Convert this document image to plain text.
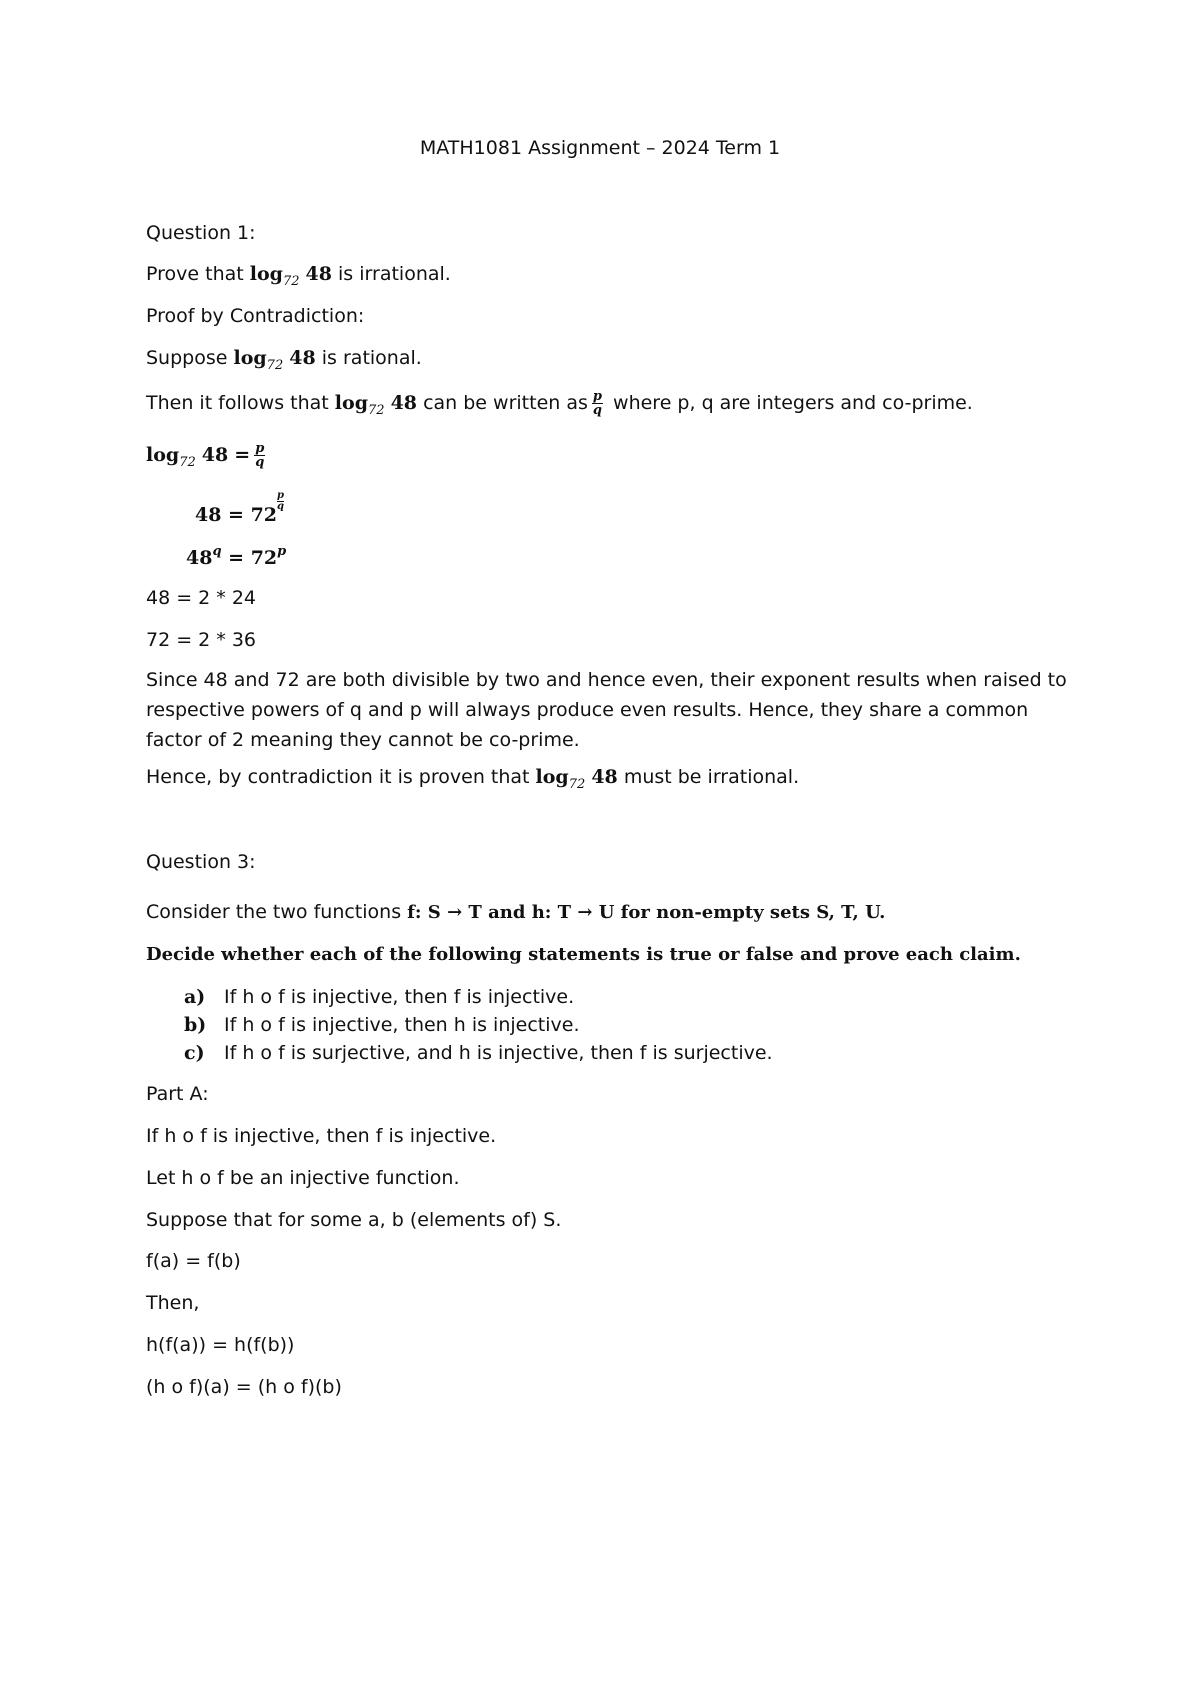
MATH1081 Assignment – 2024 Term 1
Question 1:
Prove that $\log_{72} 48$ is irrational.
Proof by Contradiction:
Suppose $\log_{72} 48$ is rational.
Then it follows that $\log_{72} 48$ can be written as $\frac{p}{q}$ where p, q are integers and co-prime.
$\log_{72} 48 = \frac{p}{q}$
48 = 72
$\frac{p}{q}$
$48^q = 72^p$
48 = 2 * 24
72 = 2 * 36
Since 48 and 72 are both divisible by two and hence even, their exponent results when raised to respective powers of q and p will always produce even results. Hence, they share a common factor of 2 meaning they cannot be co-prime.
Hence, by contradiction it is proven that $\log_{72} 48$ must be irrational.
Question 3:
Consider the two functions f: S → T and h: T → U for non-empty sets S, T, U.
Decide whether each of the following statements is true or false and prove each claim.
a) If h o f is injective, then f is injective.
b) If h o f is injective, then h is injective.
c) If h o f is surjective, and h is injective, then f is surjective.
Part A:
If h o f is injective, then f is injective.
Let h o f be an injective function.
Suppose that for some a, b (elements of) S.
f(a) = f(b)
Then,
h(f(a)) = h(f(b))
(h o f)(a) = (h o f)(b)
